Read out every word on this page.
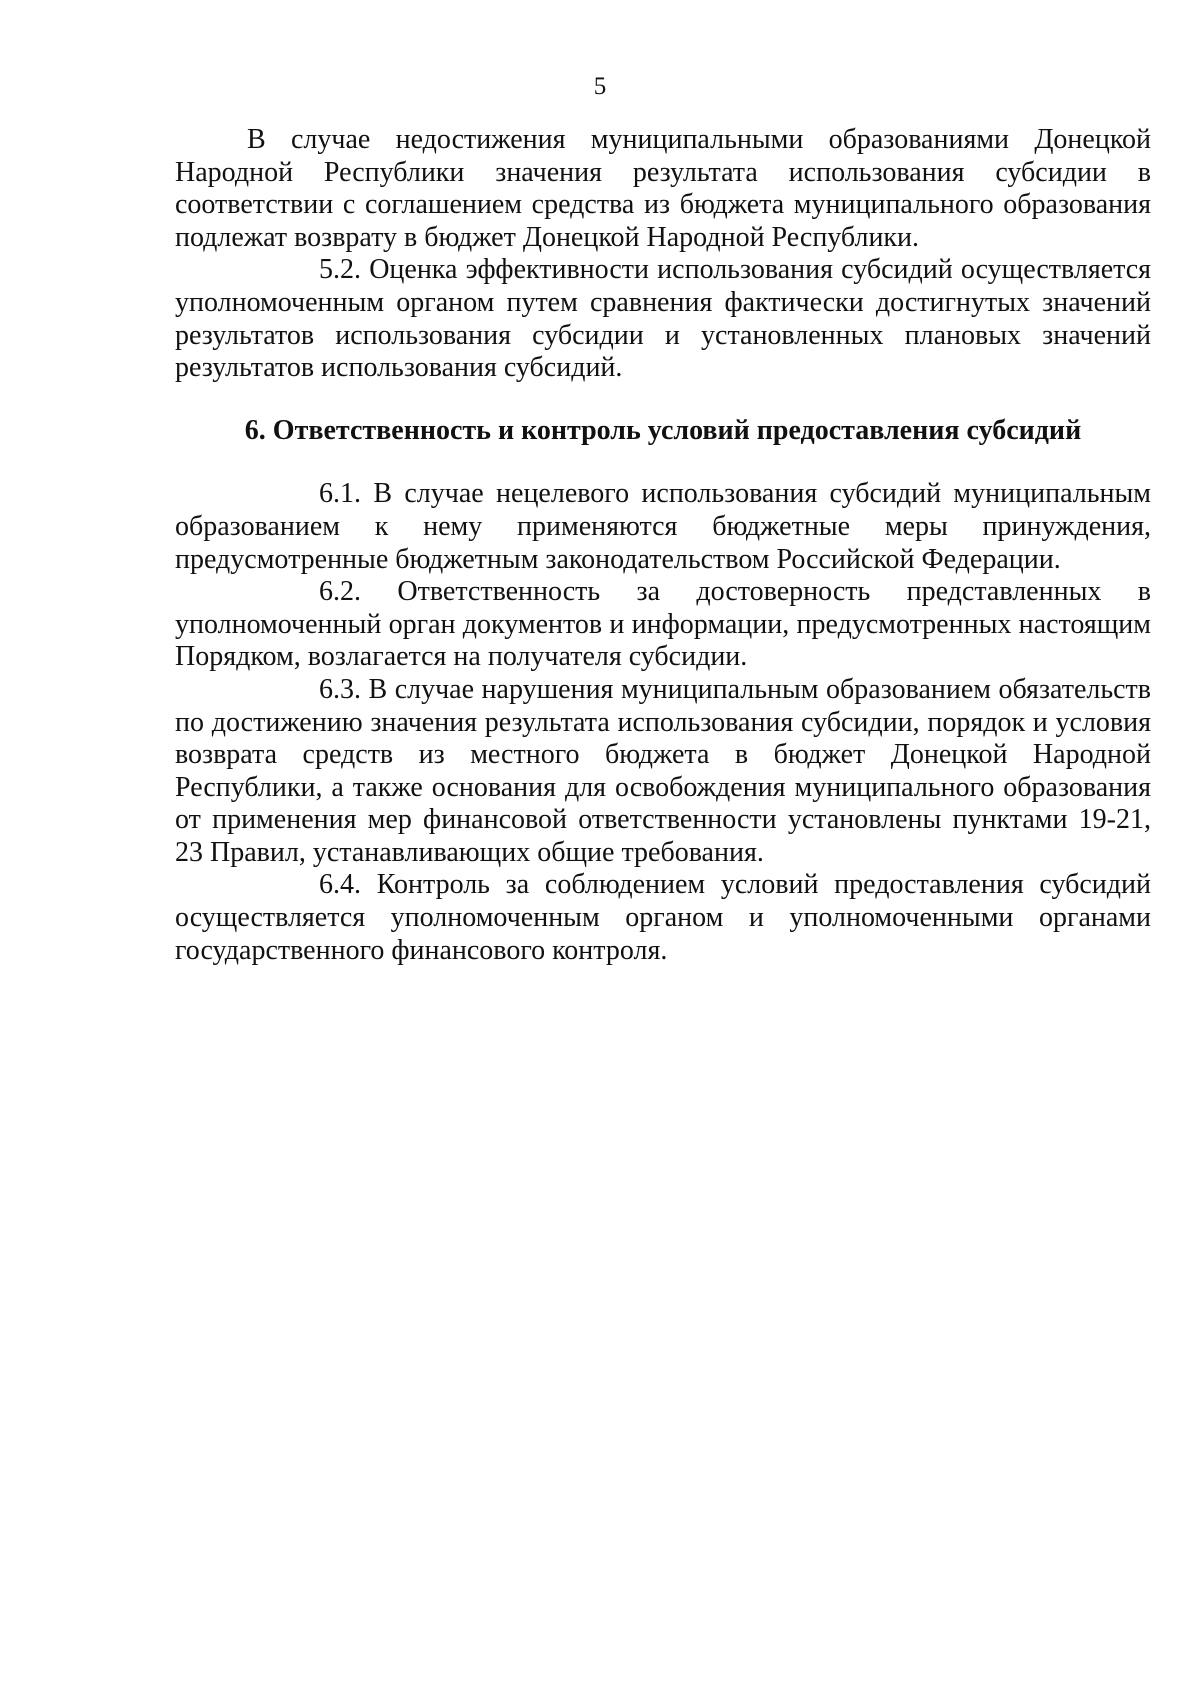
5

В случае недостижения муниципальными образованиями Донецкой Народной Республики значения результата использования субсидии в соответствии с соглашением средства из бюджета муниципального образования подлежат возврату в бюджет Донецкой Народной Республики.

5.2. Оценка эффективности использования субсидий осуществляется уполномоченным органом путем сравнения фактически достигнутых значений результатов использования субсидии и установленных плановых значений результатов использования субсидий.

6. Ответственность и контроль условий предоставления субсидий

6.1. В случае нецелевого использования субсидий муниципальным образованием к нему применяются бюджетные меры принуждения, предусмотренные бюджетным законодательством Российской Федерации.

6.2. Ответственность за достоверность представленных в уполномоченный орган документов и информации, предусмотренных настоящим Порядком, возлагается на получателя субсидии.

6.3. В случае нарушения муниципальным образованием обязательств по достижению значения результата использования субсидии, порядок и условия возврата средств из местного бюджета в бюджет Донецкой Народной Республики, а также основания для освобождения муниципального образования от применения мер финансовой ответственности установлены пунктами 19-21, 23 Правил, устанавливающих общие требования.

6.4. Контроль за соблюдением условий предоставления субсидий осуществляется уполномоченным органом и уполномоченными органами государственного финансового контроля.
